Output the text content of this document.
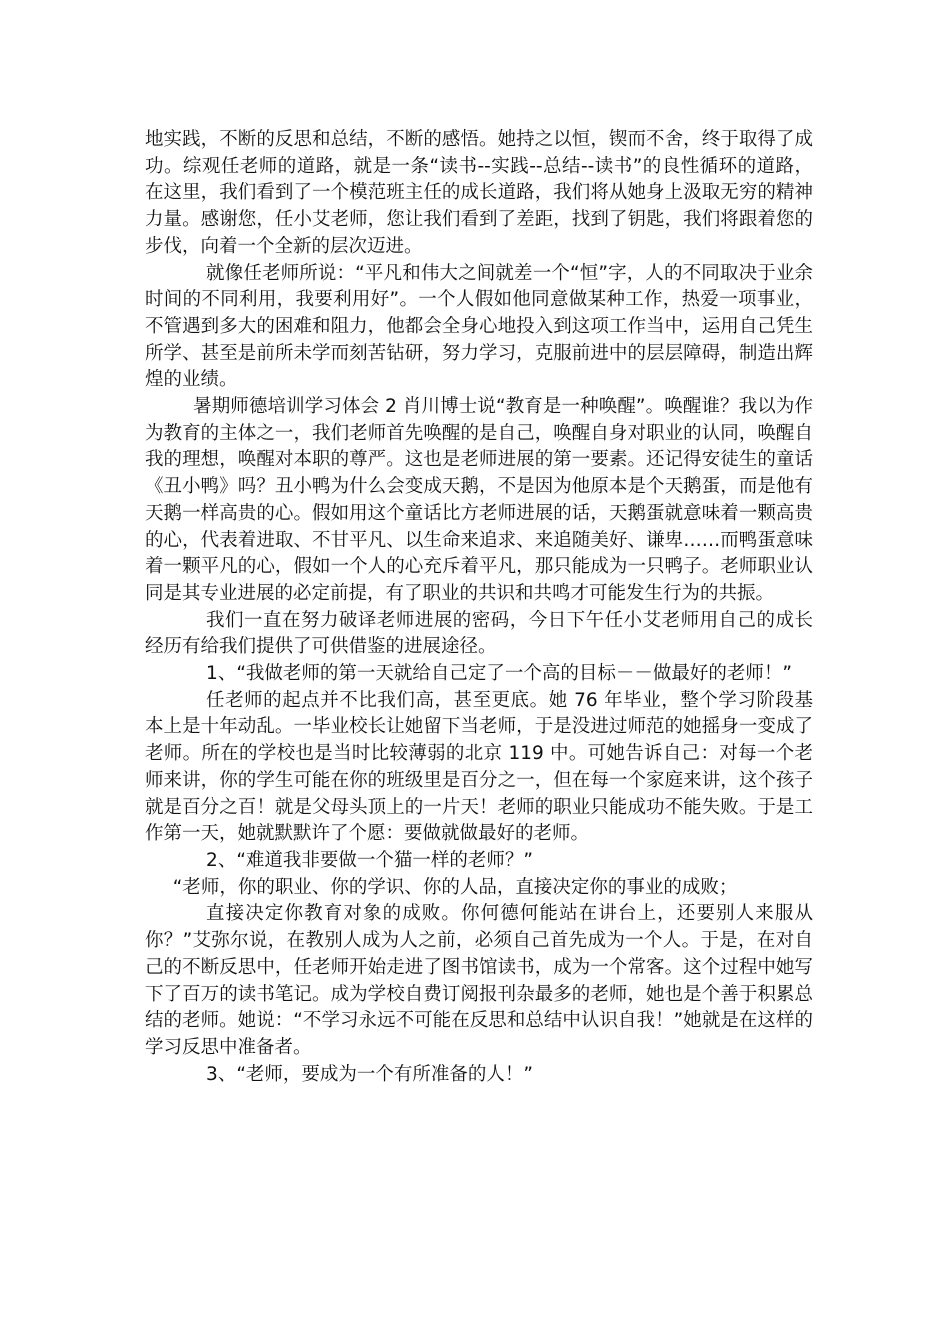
地实践，不断的反思和总结，不断的感悟。她持之以恒，锲而不舍，终于取得了成功。综观任老师的道路，就是一条“读书--实践--总结--读书”的良性循环的道路，在这里，我们看到了一个模范班主任的成长道路，我们将从她身上汲取无穷的精神力量。感谢您，任小艾老师，您让我们看到了差距，找到了钥匙，我们将跟着您的步伐，向着一个全新的层次迈进。

就像任老师所说：“平凡和伟大之间就差一个“恒”字，人的不同取决于业余时间的不同利用，我要利用好”。一个人假如他同意做某种工作，热爱一项事业，不管遇到多大的困难和阻力，他都会全身心地投入到这项工作当中，运用自己凭生所学、甚至是前所未学而刻苦钻研，努力学习，克服前进中的层层障碍，制造出辉煌的业绩。

暑期师德培训学习体会 2 肖川博士说“教育是一种唤醒”。唤醒谁？我以为作为教育的主体之一，我们老师首先唤醒的是自己，唤醒自身对职业的认同，唤醒自我的理想，唤醒对本职的尊严。这也是老师进展的第一要素。还记得安徒生的童话《丑小鸭》吗？丑小鸭为什么会变成天鹅，不是因为他原本是个天鹅蛋，而是他有天鹅一样高贵的心。假如用这个童话比方老师进展的话，天鹅蛋就意味着一颗高贵的心，代表着进取、不甘平凡、以生命来追求、来追随美好、谦卑……而鸭蛋意味着一颗平凡的心，假如一个人的心充斥着平凡，那只能成为一只鸭子。老师职业认同是其专业进展的必定前提，有了职业的共识和共鸣才可能发生行为的共振。

我们一直在努力破译老师进展的密码，今日下午任小艾老师用自己的成长经历有给我们提供了可供借鉴的进展途径。

1、“我做老师的第一天就给自己定了一个高的目标－－做最好的老师！”

任老师的起点并不比我们高，甚至更底。她 76 年毕业，整个学习阶段基本上是十年动乱。一毕业校长让她留下当老师，于是没进过师范的她摇身一变成了老师。所在的学校也是当时比较薄弱的北京 119 中。可她告诉自己：对每一个老师来讲，你的学生可能在你的班级里是百分之一，但在每一个家庭来讲，这个孩子就是百分之百！就是父母头顶上的一片天！老师的职业只能成功不能失败。于是工作第一天，她就默默许了个愿：要做就做最好的老师。

2、“难道我非要做一个猫一样的老师？”

“老师，你的职业、你的学识、你的人品，直接决定你的事业的成败；

直接决定你教育对象的成败。你何德何能站在讲台上，还要别人来服从你？”艾弥尔说，在教别人成为人之前，必须自己首先成为一个人。于是，在对自己的不断反思中，任老师开始走进了图书馆读书，成为一个常客。这个过程中她写下了百万的读书笔记。成为学校自费订阅报刊杂最多的老师，她也是个善于积累总结的老师。她说：“不学习永远不可能在反思和总结中认识自我！”她就是在这样的学习反思中准备者。

3、“老师，要成为一个有所准备的人！”
